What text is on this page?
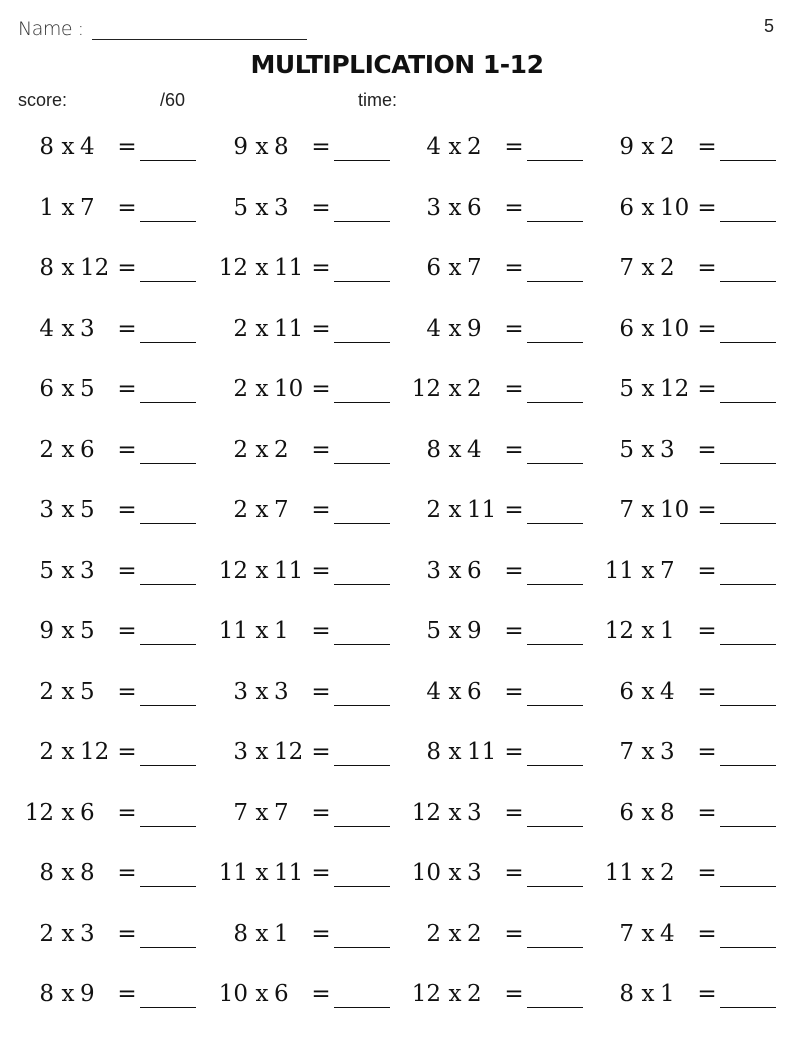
Name :	5
MULTIPLICATION 1-12
score:	/60	time:
8 x 4 =	9 x 8 =	4 x 2 =	9 x 2 =
1 x 7 =	5 x 3 =	3 x 6 =	6 x 10 =
8 x 12 =	12 x 11 =	6 x 7 =	7 x 2 =
4 x 3 =	2 x 11 =	4 x 9 =	6 x 10 =
6 x 5 =	2 x 10 =	12 x 2 =	5 x 12 =
2 x 6 =	2 x 2 =	8 x 4 =	5 x 3 =
3 x 5 =	2 x 7 =	2 x 11 =	7 x 10 =
5 x 3 =	12 x 11 =	3 x 6 =	11 x 7 =
9 x 5 =	11 x 1 =	5 x 9 =	12 x 1 =
2 x 5 =	3 x 3 =	4 x 6 =	6 x 4 =
2 x 12 =	3 x 12 =	8 x 11 =	7 x 3 =
12 x 6 =	7 x 7 =	12 x 3 =	6 x 8 =
8 x 8 =	11 x 11 =	10 x 3 =	11 x 2 =
2 x 3 =	8 x 1 =	2 x 2 =	7 x 4 =
8 x 9 =	10 x 6 =	12 x 2 =	8 x 1 =
